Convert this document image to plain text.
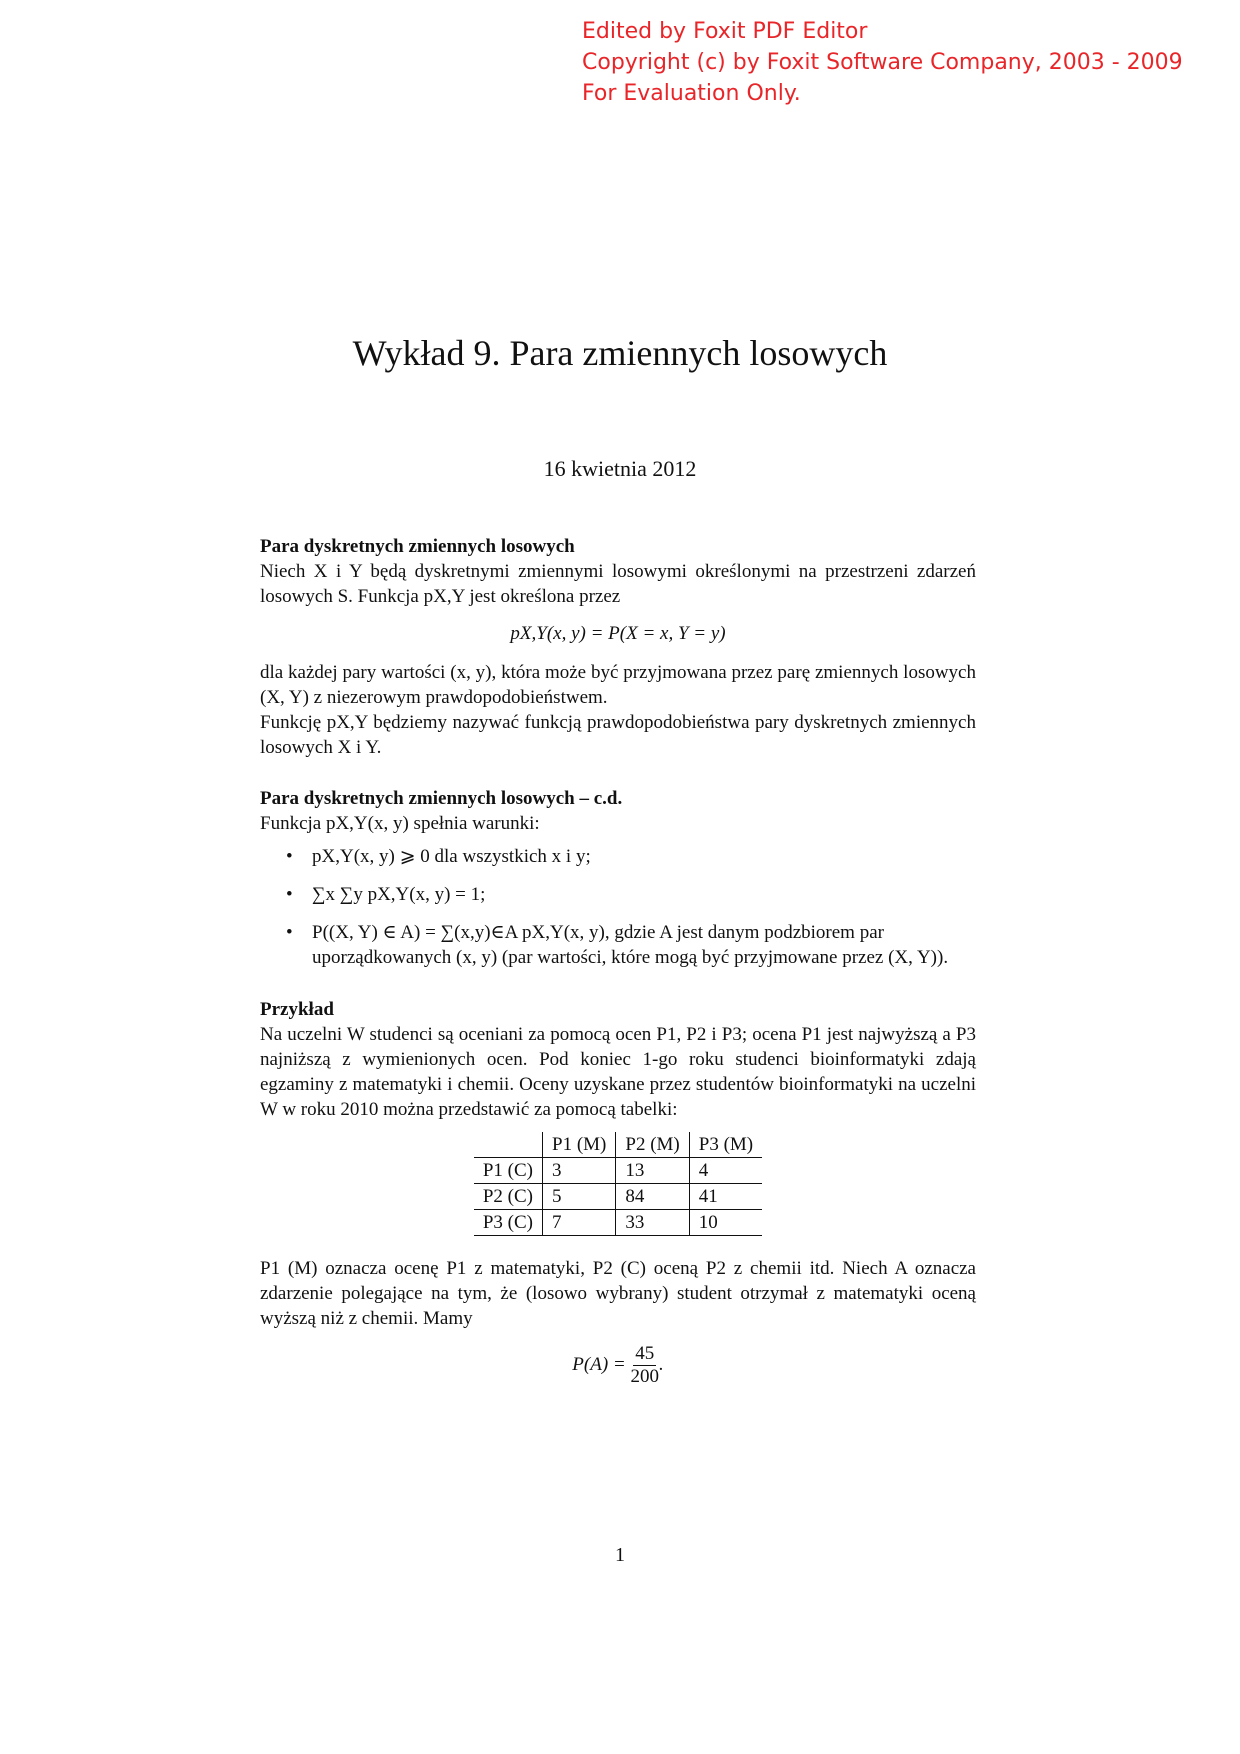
Edited by Foxit PDF Editor
Copyright (c) by Foxit Software Company, 2003 - 2009
For Evaluation Only.
Wykład 9. Para zmiennych losowych
16 kwietnia 2012
Para dyskretnych zmiennych losowych
Niech X i Y będą dyskretnymi zmiennymi losowymi określonymi na przestrzeni zdarzeń losowych S. Funkcja pX,Y jest określona przez
pX,Y(x, y) = P(X = x, Y = y)
dla każdej pary wartości (x, y), która może być przyjmowana przez parę zmiennych losowych (X, Y) z niezerowym prawdopodobieństwem.
Funkcję pX,Y będziemy nazywać funkcją prawdopodobieństwa pary dyskretnych zmiennych losowych X i Y.
Para dyskretnych zmiennych losowych – c.d.
Funkcja pX,Y(x, y) spełnia warunki:
• pX,Y(x, y) ⩾ 0 dla wszystkich x i y;
• ∑x ∑y pX,Y(x, y) = 1;
• P((X, Y) ∈ A) = ∑(x,y)∈A pX,Y(x, y), gdzie A jest danym podzbiorem par uporządkowanych (x, y) (par wartości, które mogą być przyjmowane przez (X, Y)).
Przykład
Na uczelni W studenci są oceniani za pomocą ocen P1, P2 i P3; ocena P1 jest najwyższą a P3 najniższą z wymienionych ocen. Pod koniec 1-go roku studenci bioinformatyki zdają egzaminy z matematyki i chemii. Oceny uzyskane przez studentów bioinformatyki na uczelni W w roku 2010 można przedstawić za pomocą tabelki:
	P1 (M)	P2 (M)	P3 (M)
P1 (C)	3	13	4
P2 (C)	5	84	41
P3 (C)	7	33	10
P1 (M) oznacza ocenę P1 z matematyki, P2 (C) oceną P2 z chemii itd. Niech A oznacza zdarzenie polegające na tym, że (losowo wybrany) student otrzymał z matematyki oceną wyższą niż z chemii. Mamy
$P(A) = \frac{45}{200}$ .
1
